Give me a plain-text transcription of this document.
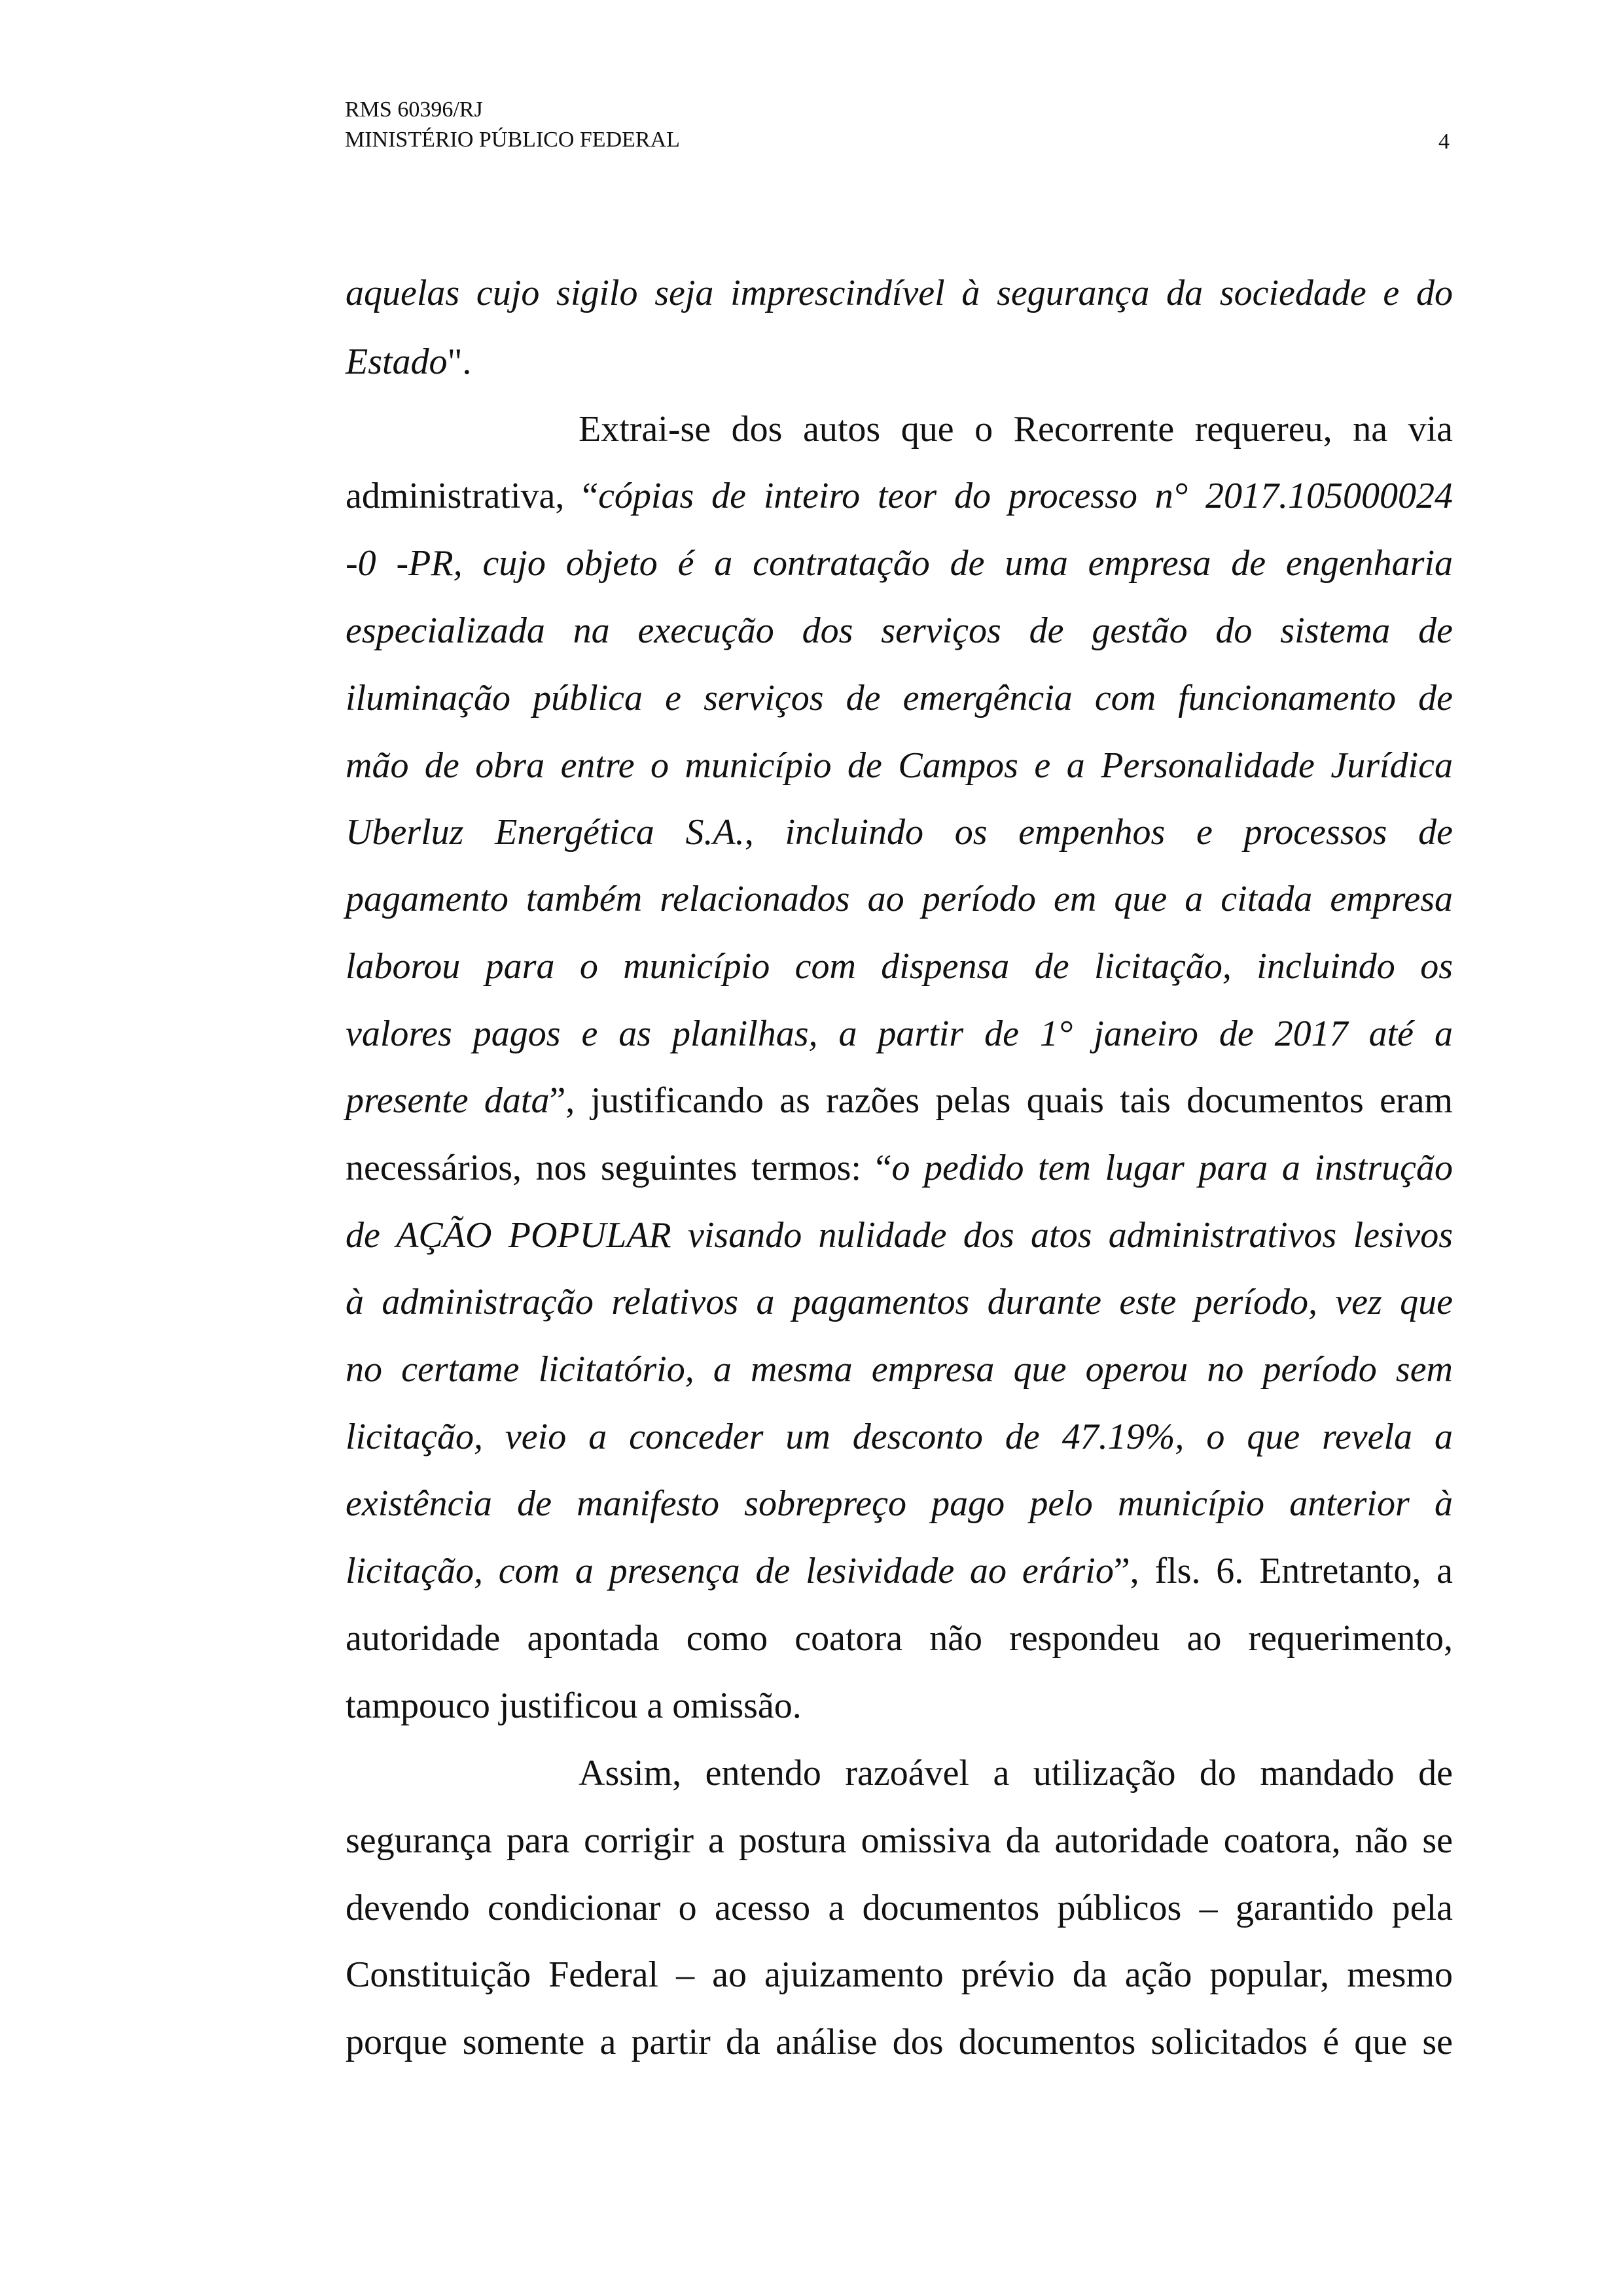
RMS 60396/RJ
MINISTÉRIO PÚBLICO FEDERAL	4
aquelas cujo sigilo seja imprescindível à segurança da sociedade e do
Estado".
Extrai-se dos autos que o Recorrente requereu, na via
administrativa, “cópias de inteiro teor do processo n° 2017.105000024
-0 -PR, cujo objeto é a contratação de uma empresa de engenharia
especializada na execução dos serviços de gestão do sistema de
iluminação pública e serviços de emergência com funcionamento de
mão de obra entre o município de Campos e a Personalidade Jurídica
Uberluz Energética S.A., incluindo os empenhos e processos de
pagamento também relacionados ao período em que a citada empresa
laborou para o município com dispensa de licitação, incluindo os
valores pagos e as planilhas, a partir de 1° janeiro de 2017 até a
presente data”, justificando as razões pelas quais tais documentos eram
necessários, nos seguintes termos: “o pedido tem lugar para a instrução
de AÇÃO POPULAR visando nulidade dos atos administrativos lesivos
à administração relativos a pagamentos durante este período, vez que
no certame licitatório, a mesma empresa que operou no período sem
licitação, veio a conceder um desconto de 47.19%, o que revela a
existência de manifesto sobrepreço pago pelo município anterior à
licitação, com a presença de lesividade ao erário”, fls. 6. Entretanto, a
autoridade apontada como coatora não respondeu ao requerimento,
tampouco justificou a omissão.
Assim, entendo razoável a utilização do mandado de
segurança para corrigir a postura omissiva da autoridade coatora, não se
devendo condicionar o acesso a documentos públicos – garantido pela
Constituição Federal – ao ajuizamento prévio da ação popular, mesmo
porque somente a partir da análise dos documentos solicitados é que se
